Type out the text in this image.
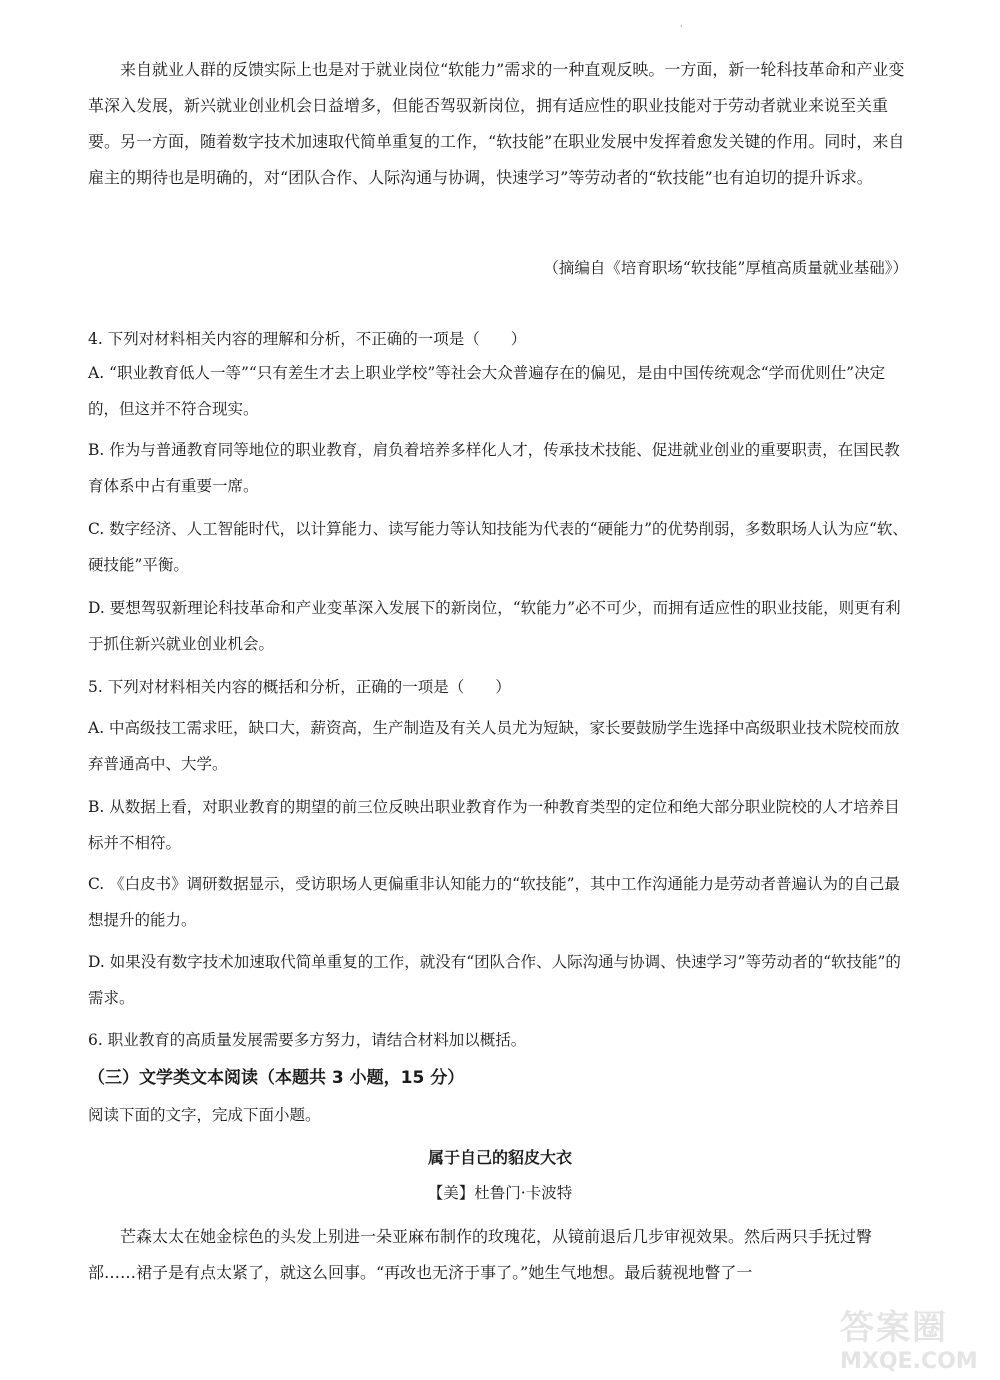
·

来自就业人群的反馈实际上也是对于就业岗位“软能力”需求的一种直观反映。一方面，新一轮科技革命和产业变革深入发展，新兴就业创业机会日益增多，但能否驾驭新岗位，拥有适应性的职业技能对于劳动者就业来说至关重要。另一方面，随着数字技术加速取代简单重复的工作，“软技能”在职业发展中发挥着愈发关键的作用。同时，来自雇主的期待也是明确的，对“团队合作、人际沟通与协调，快速学习”等劳动者的“软技能”也有迫切的提升诉求。

（摘编自《培育职场“软技能”厚植高质量就业基础》）

4. 下列对材料相关内容的理解和分析，不正确的一项是（　　）

A. “职业教育低人一等”“只有差生才去上职业学校”等社会大众普遍存在的偏见，是由中国传统观念“学而优则仕”决定的，但这并不符合现实。

B. 作为与普通教育同等地位的职业教育，肩负着培养多样化人才，传承技术技能、促进就业创业的重要职责，在国民教育体系中占有重要一席。

C. 数字经济、人工智能时代，以计算能力、读写能力等认知技能为代表的“硬能力”的优势削弱，多数职场人认为应“软、硬技能”平衡。

D. 要想驾驭新理论科技革命和产业变革深入发展下的新岗位，“软能力”必不可少，而拥有适应性的职业技能，则更有利于抓住新兴就业创业机会。

5. 下列对材料相关内容的概括和分析，正确的一项是（　　）

A. 中高级技工需求旺，缺口大，薪资高，生产制造及有关人员尤为短缺，家长要鼓励学生选择中高级职业技术院校而放弃普通高中、大学。

B. 从数据上看，对职业教育的期望的前三位反映出职业教育作为一种教育类型的定位和绝大部分职业院校的人才培养目标并不相符。

C. 《白皮书》调研数据显示，受访职场人更偏重非认知能力的“软技能”，其中工作沟通能力是劳动者普遍认为的自己最想提升的能力。

D. 如果没有数字技术加速取代简单重复的工作，就没有“团队合作、人际沟通与协调、快速学习”等劳动者的“软技能”的需求。

6. 职业教育的高质量发展需要多方努力，请结合材料加以概括。

（三）文学类文本阅读（本题共 3 小题，15 分）

阅读下面的文字，完成下面小题。

属于自己的貂皮大衣
【美】杜鲁门·卡波特

芒森太太在她金棕色的头发上别进一朵亚麻布制作的玫瑰花，从镜前退后几步审视效果。然后两只手抚过臀部……裙子是有点太紧了，就这么回事。“再改也无济于事了。”她生气地想。最后藐视地瞥了一

答案圈
MXQE.COM
